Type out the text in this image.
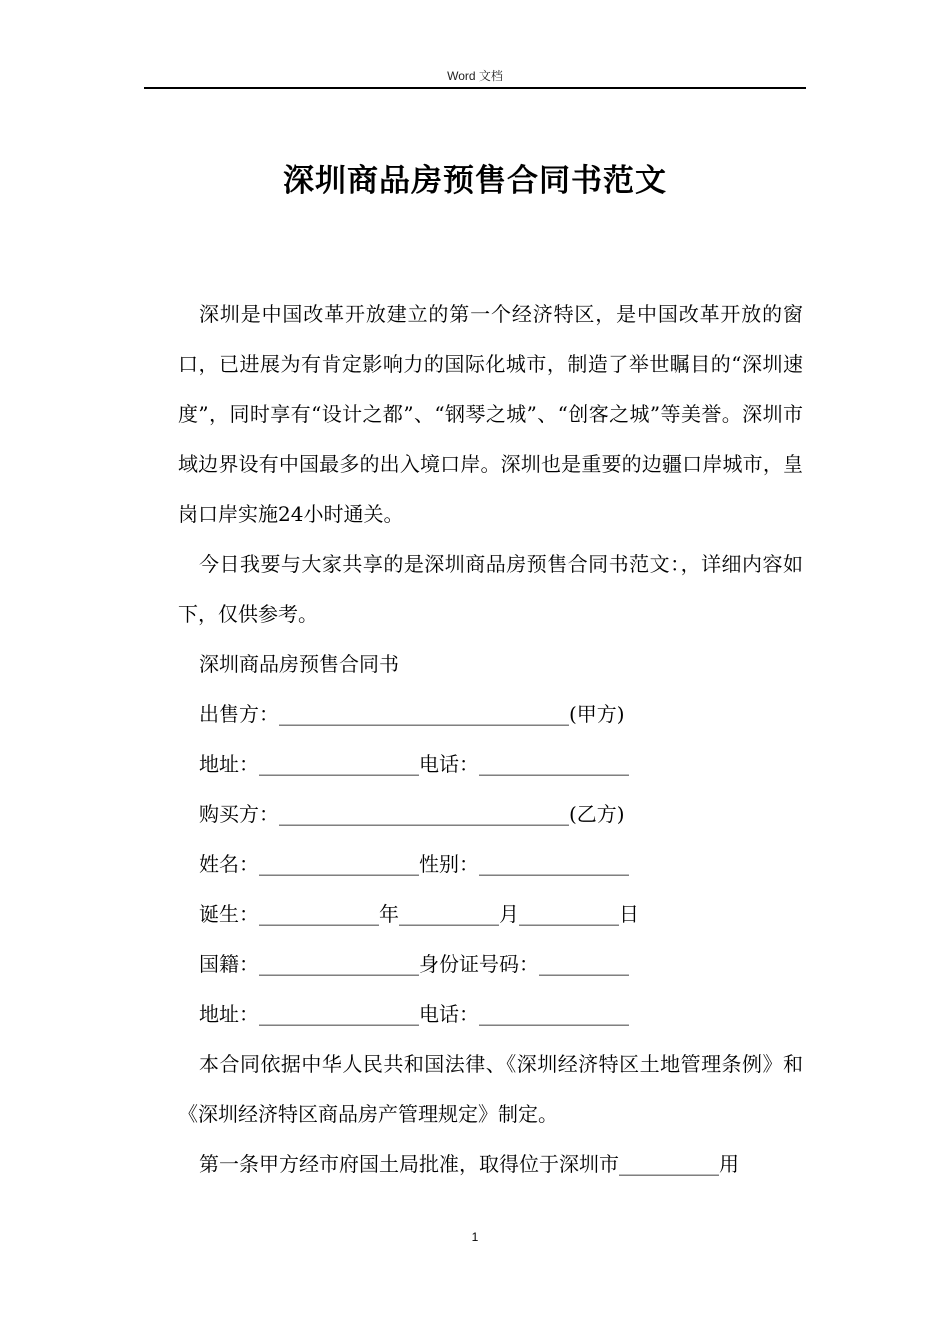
Word 文档
深圳商品房预售合同书范文

深圳是中国改革开放建立的第一个经济特区，是中国改革开放的窗口，已进展为有肯定影响力的国际化城市，制造了举世瞩目的“深圳速度”，同时享有“设计之都”、“钢琴之城”、“创客之城”等美誉。深圳市域边界设有中国最多的出入境口岸。深圳也是重要的边疆口岸城市，皇岗口岸实施24小时通关。

今日我要与大家共享的是深圳商品房预售合同书范文：，详细内容如下，仅供参考。

深圳商品房预售合同书

出售方：_____________________________(甲方)

地址：________________电话：_______________

购买方：_____________________________(乙方)

姓名：________________性别：_______________

诞生：____________年__________月__________日

国籍：________________身份证号码：_________

地址：________________电话：_______________

本合同依据中华人民共和国法律、《深圳经济特区土地管理条例》和《深圳经济特区商品房产管理规定》制定。

第一条甲方经市府国土局批准，取得位于深圳市__________用

1
